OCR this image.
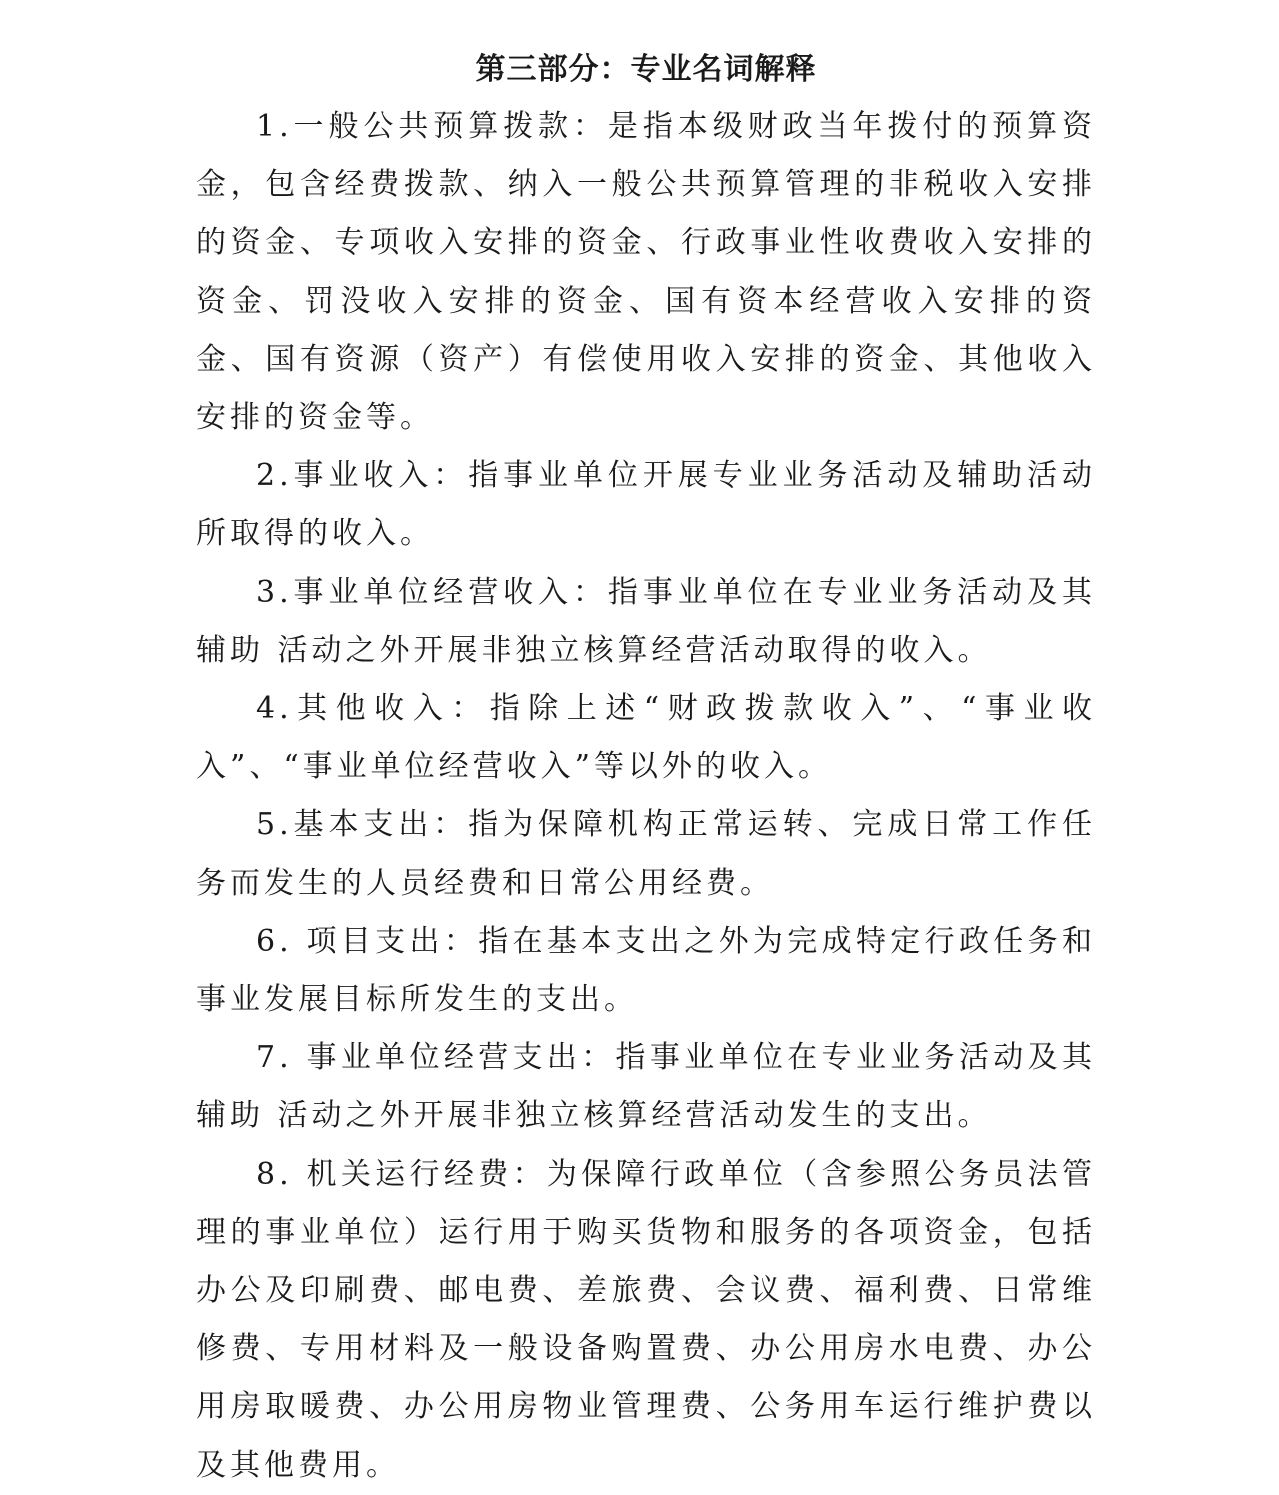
第三部分：专业名词解释

1.一般公共预算拨款：是指本级财政当年拨付的预算资金，包含经费拨款、纳入一般公共预算管理的非税收入安排的资金、专项收入安排的资金、行政事业性收费收入安排的资金、罚没收入安排的资金、国有资本经营收入安排的资金、国有资源（资产）有偿使用收入安排的资金、其他收入安排的资金等。

2.事业收入：指事业单位开展专业业务活动及辅助活动所取得的收入。

3.事业单位经营收入：指事业单位在专业业务活动及其辅助 活动之外开展非独立核算经营活动取得的收入。

4.其他收入：指除上述“财政拨款收入”、“事业收入”、“事业单位经营收入”等以外的收入。

5.基本支出：指为保障机构正常运转、完成日常工作任务而发生的人员经费和日常公用经费。

6. 项目支出：指在基本支出之外为完成特定行政任务和事业发展目标所发生的支出。

7. 事业单位经营支出：指事业单位在专业业务活动及其辅助 活动之外开展非独立核算经营活动发生的支出。

8. 机关运行经费：为保障行政单位（含参照公务员法管理的事业单位）运行用于购买货物和服务的各项资金，包括办公及印刷费、邮电费、差旅费、会议费、福利费、日常维修费、专用材料及一般设备购置费、办公用房水电费、办公用房取暖费、办公用房物业管理费、公务用车运行维护费以及其他费用。
